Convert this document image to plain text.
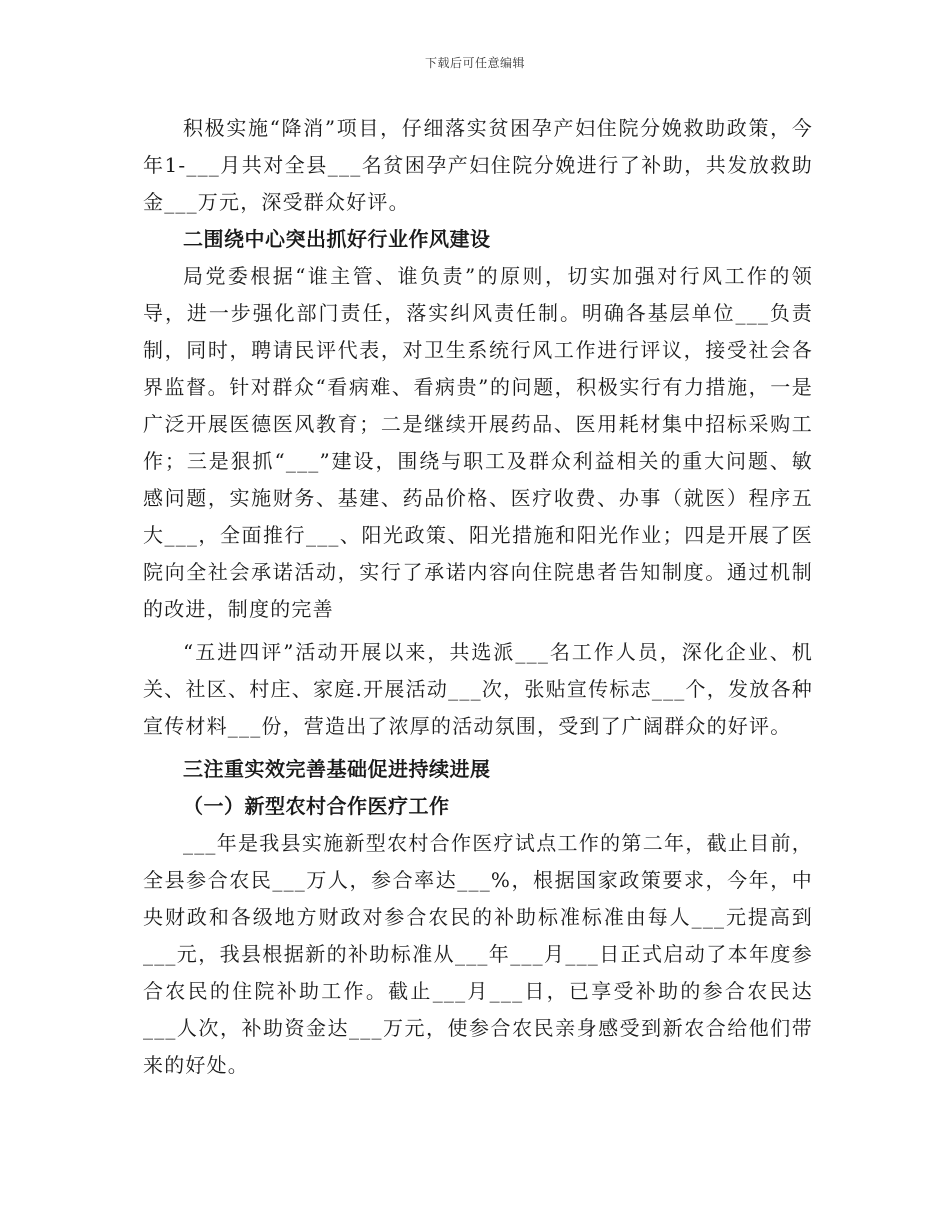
下载后可任意编辑

积极实施“降消”项目，仔细落实贫困孕产妇住院分娩救助政策，今年1-___月共对全县___名贫困孕产妇住院分娩进行了补助，共发放救助金___万元，深受群众好评。

二围绕中心突出抓好行业作风建设

局党委根据“谁主管、谁负责”的原则，切实加强对行风工作的领导，进一步强化部门责任，落实纠风责任制。明确各基层单位___负责制，同时，聘请民评代表，对卫生系统行风工作进行评议，接受社会各界监督。针对群众“看病难、看病贵”的问题，积极实行有力措施，一是广泛开展医德医风教育；二是继续开展药品、医用耗材集中招标采购工作；三是狠抓“___”建设，围绕与职工及群众利益相关的重大问题、敏感问题，实施财务、基建、药品价格、医疗收费、办事（就医）程序五大___，全面推行___、阳光政策、阳光措施和阳光作业；四是开展了医院向全社会承诺活动，实行了承诺内容向住院患者告知制度。通过机制的改进，制度的完善

“五进四评”活动开展以来，共选派___名工作人员，深化企业、机关、社区、村庄、家庭.开展活动___次，张贴宣传标志___个，发放各种宣传材料___份，营造出了浓厚的活动氛围，受到了广阔群众的好评。

三注重实效完善基础促进持续进展
（一）新型农村合作医疗工作

___年是我县实施新型农村合作医疗试点工作的第二年，截止目前，全县参合农民___万人，参合率达___%，根据国家政策要求，今年，中央财政和各级地方财政对参合农民的补助标准标准由每人___元提高到___元，我县根据新的补助标准从___年___月___日正式启动了本年度参合农民的住院补助工作。截止___月___日，已享受补助的参合农民达___人次，补助资金达___万元，使参合农民亲身感受到新农合给他们带来的好处。
